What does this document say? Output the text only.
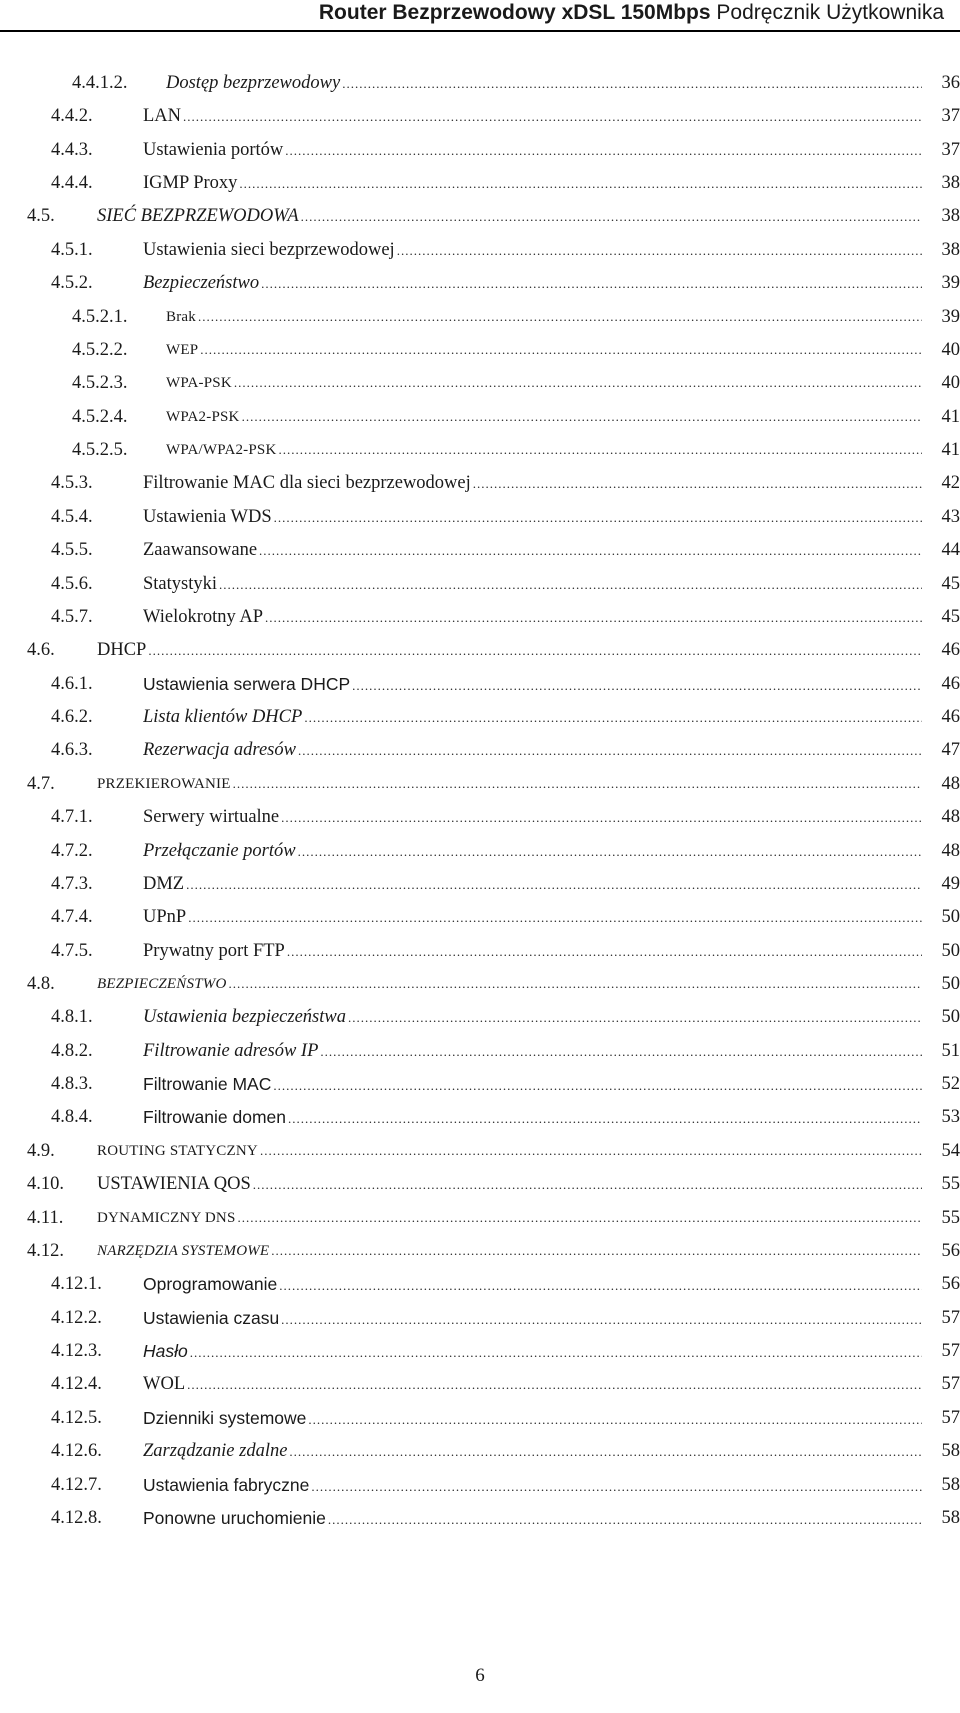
Router Bezprzewodowy xDSL 150Mbps Podręcznik Użytkownika
4.4.1.2. Dostęp bezprzewodowy .....	36
4.4.2.	LAN .....	37
4.4.3.	Ustawienia portów .....	37
4.4.4.	IGMP Proxy .....	38
4.5. SIEĆ BEZPRZEWODOWA .....	38
4.5.1.	Ustawienia sieci bezprzewodowej .....	38
4.5.2.	Bezpieczeństwo .....	39
4.5.2.1.	Brak .....	39
4.5.2.2.	WEP .....	40
4.5.2.3.	WPA-PSK .....	40
4.5.2.4.	WPA2-PSK .....	41
4.5.2.5.	WPA/WPA2-PSK .....	41
4.5.3.	Filtrowanie MAC dla sieci bezprzewodowej .....	42
4.5.4.	Ustawienia WDS .....	43
4.5.5.	Zaawansowane .....	44
4.5.6.	Statystyki .....	45
4.5.7.	Wielokrotny AP .....	45
4.6. DHCP .....	46
4.6.1.	Ustawienia serwera DHCP .....	46
4.6.2.	Lista klientów DHCP .....	46
4.6.3.	Rezerwacja adresów .....	47
4.7.	PRZEKIEROWANIE .....	48
4.7.1.	Serwery wirtualne .....	48
4.7.2.	Przełączanie portów .....	48
4.7.3.	DMZ .....	49
4.7.4.	UPnP .....	50
4.7.5.	Prywatny port FTP .....	50
4.8.	BEZPIECZEŃSTWO .....	50
4.8.1.	Ustawienia bezpieczeństwa .....	50
4.8.2.	Filtrowanie adresów IP .....	51
4.8.3.	Filtrowanie MAC .....	52
4.8.4.	Filtrowanie domen .....	53
4.9.	ROUTING STATYCZNY .....	54
4.10. USTAWIENIA QOS .....	55
4.11. DYNAMICZNY DNS .....	55
4.12. NARZĘDZIA SYSTEMOWE .....	56
4.12.1. Oprogramowanie .....	56
4.12.2. Ustawienia czasu .....	57
4.12.3. Hasło .....	57
4.12.4. WOL .....	57
4.12.5. Dzienniki systemowe .....	57
4.12.6. Zarządzanie zdalne .....	58
4.12.7. Ustawienia fabryczne .....	58
4.12.8. Ponowne uruchomienie .....	58
6
